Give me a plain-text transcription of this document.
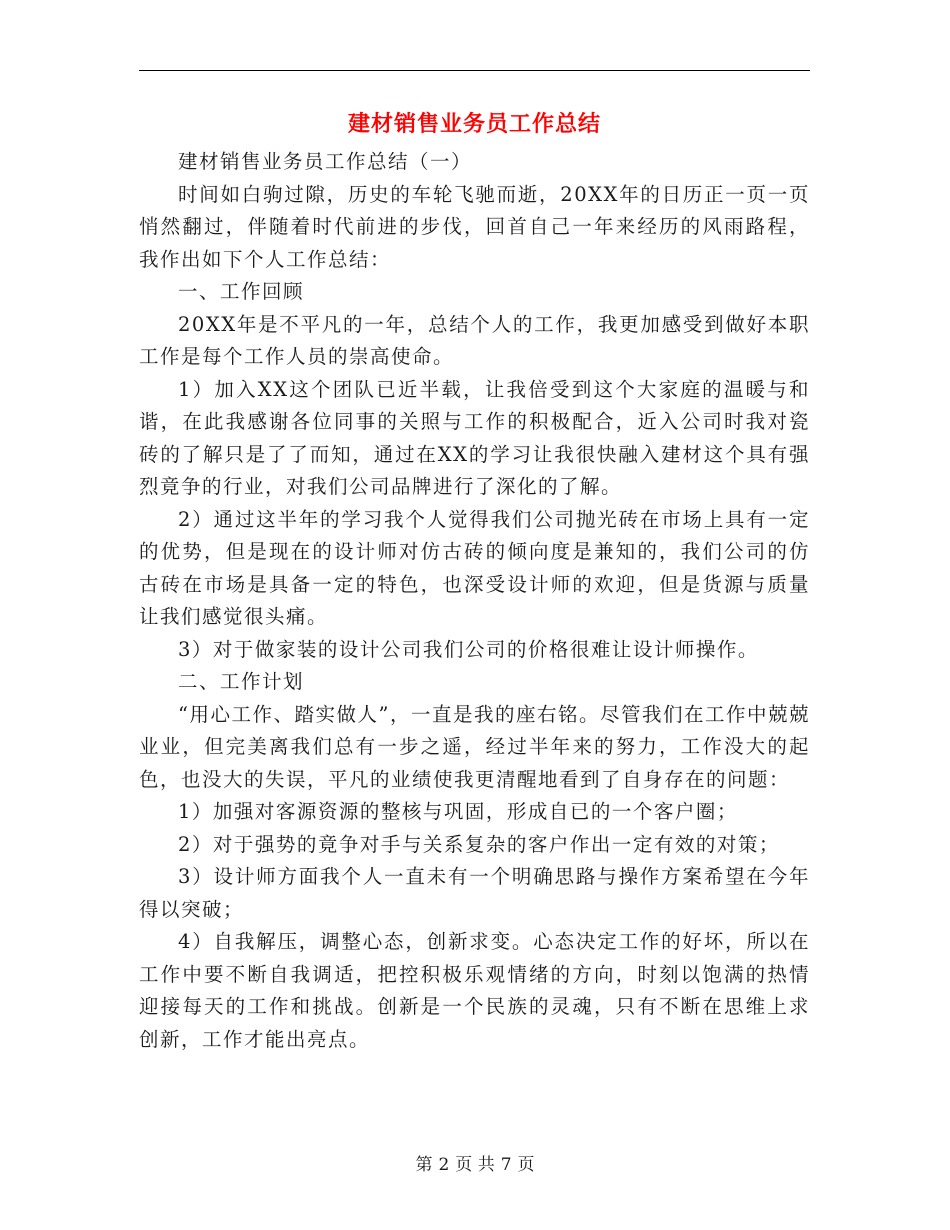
建材销售业务员工作总结

建材销售业务员工作总结（一）

时间如白驹过隙，历史的车轮飞驰而逝，20XX年的日历正一页一页悄然翻过，伴随着时代前进的步伐，回首自己一年来经历的风雨路程，我作出如下个人工作总结：

一、工作回顾

20XX年是不平凡的一年，总结个人的工作，我更加感受到做好本职工作是每个工作人员的崇高使命。

1）加入XX这个团队已近半载，让我倍受到这个大家庭的温暖与和谐，在此我感谢各位同事的关照与工作的积极配合，近入公司时我对瓷砖的了解只是了了而知，通过在XX的学习让我很快融入建材这个具有强烈竟争的行业，对我们公司品牌进行了深化的了解。

2）通过这半年的学习我个人觉得我们公司抛光砖在市场上具有一定的优势，但是现在的设计师对仿古砖的倾向度是兼知的，我们公司的仿古砖在市场是具备一定的特色，也深受设计师的欢迎，但是货源与质量让我们感觉很头痛。

3）对于做家装的设计公司我们公司的价格很难让设计师操作。

二、工作计划

“用心工作、踏实做人”，一直是我的座右铭。尽管我们在工作中兢兢业业，但完美离我们总有一步之遥，经过半年来的努力，工作没大的起色，也没大的失误，平凡的业绩使我更清醒地看到了自身存在的问题：

1）加强对客源资源的整核与巩固，形成自已的一个客户圈；

2）对于强势的竟争对手与关系复杂的客户作出一定有效的对策；

3）设计师方面我个人一直未有一个明确思路与操作方案希望在今年得以突破；

4）自我解压，调整心态，创新求变。心态决定工作的好坏，所以在工作中要不断自我调适，把控积极乐观情绪的方向，时刻以饱满的热情迎接每天的工作和挑战。创新是一个民族的灵魂，只有不断在思维上求创新，工作才能出亮点。

第 2 页 共 7 页
